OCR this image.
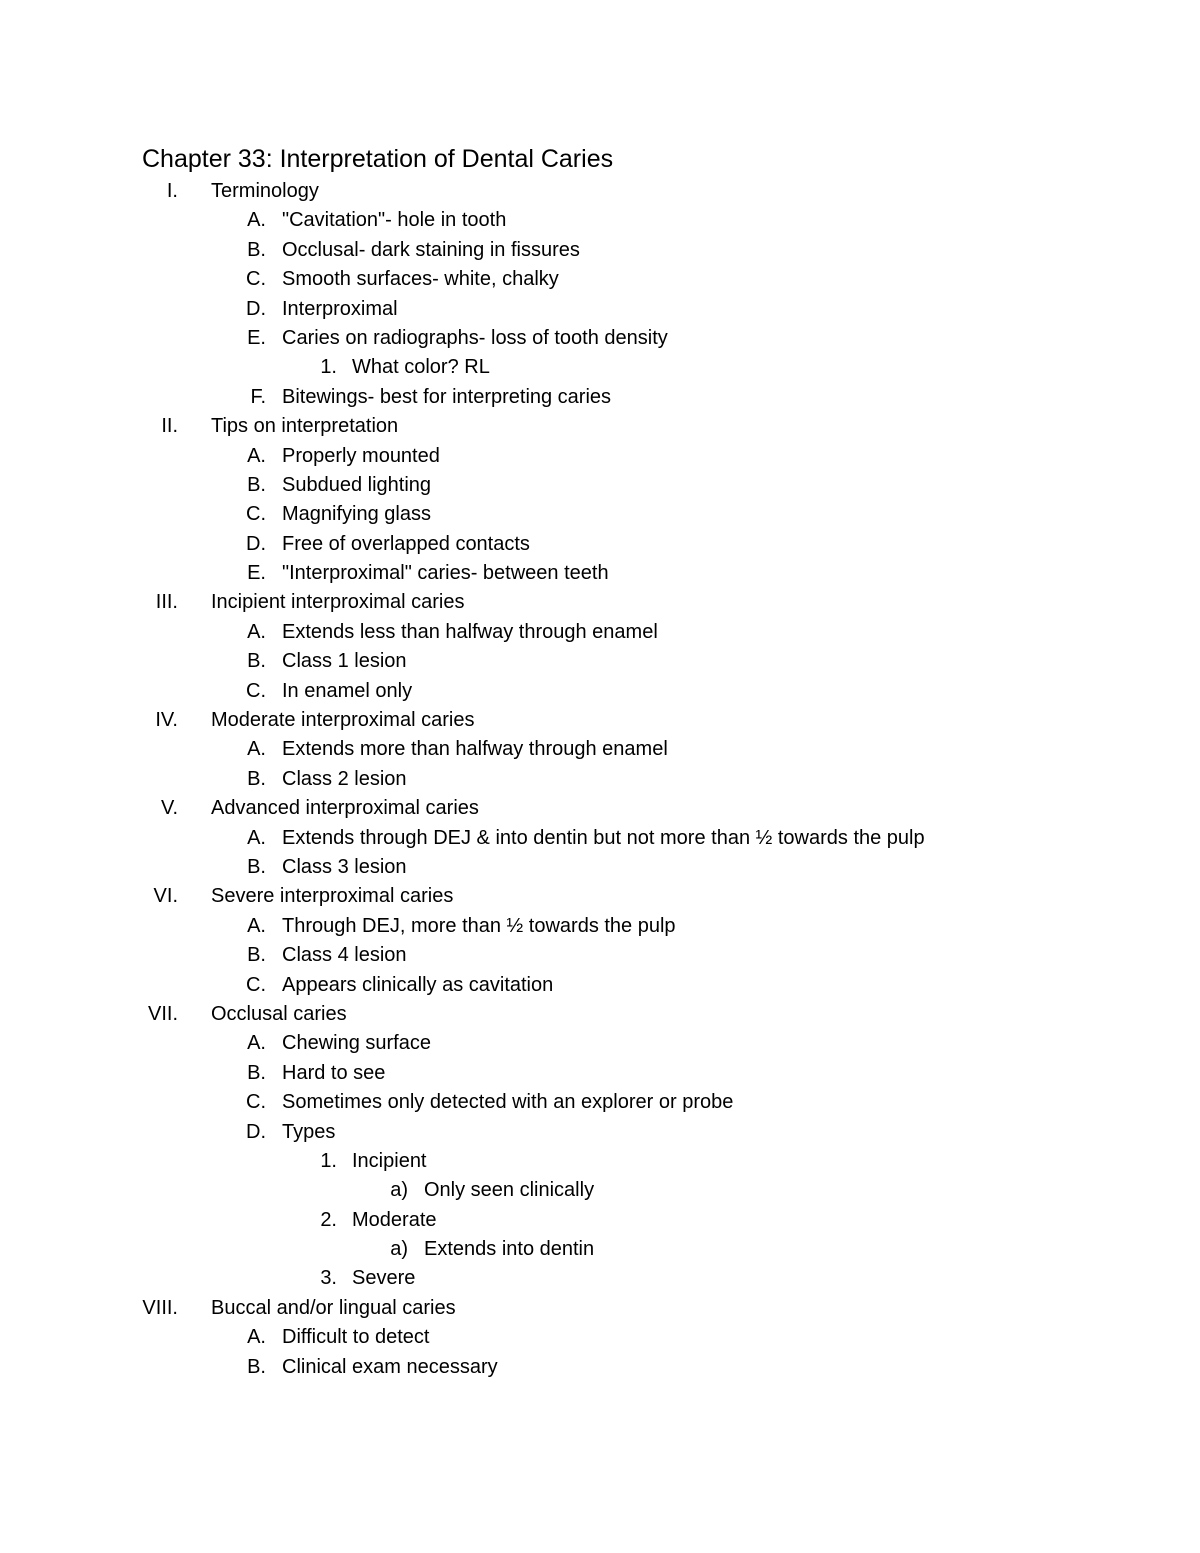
Chapter 33: Interpretation of Dental Caries
I. Terminology
A. "Cavitation"- hole in tooth
B. Occlusal- dark staining in fissures
C. Smooth surfaces- white, chalky
D. Interproximal
E. Caries on radiographs- loss of tooth density
1. What color? RL
F. Bitewings- best for interpreting caries
II. Tips on interpretation
A. Properly mounted
B. Subdued lighting
C. Magnifying glass
D. Free of overlapped contacts
E. "Interproximal" caries- between teeth
III. Incipient interproximal caries
A. Extends less than halfway through enamel
B. Class 1 lesion
C. In enamel only
IV. Moderate interproximal caries
A. Extends more than halfway through enamel
B. Class 2 lesion
V. Advanced interproximal caries
A. Extends through DEJ & into dentin but not more than ½ towards the pulp
B. Class 3 lesion
VI. Severe interproximal caries
A. Through DEJ, more than ½ towards the pulp
B. Class 4 lesion
C. Appears clinically as cavitation
VII. Occlusal caries
A. Chewing surface
B. Hard to see
C. Sometimes only detected with an explorer or probe
D. Types
1. Incipient
a) Only seen clinically
2. Moderate
a) Extends into dentin
3. Severe
VIII. Buccal and/or lingual caries
A. Difficult to detect
B. Clinical exam necessary
